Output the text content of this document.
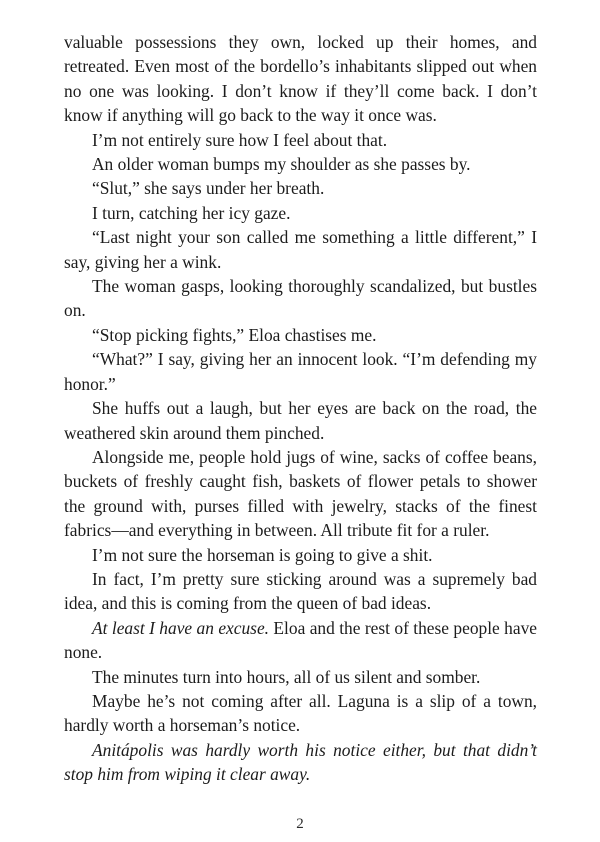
valuable possessions they own, locked up their homes, and retreated. Even most of the bordello’s inhabitants slipped out when no one was looking. I don’t know if they’ll come back. I don’t know if anything will go back to the way it once was.

I’m not entirely sure how I feel about that.

An older woman bumps my shoulder as she passes by.

“Slut,” she says under her breath.

I turn, catching her icy gaze.

“Last night your son called me something a little different,” I say, giving her a wink.

The woman gasps, looking thoroughly scandalized, but bustles on.

“Stop picking fights,” Eloa chastises me.

“What?” I say, giving her an innocent look. “I’m defending my honor.”

She huffs out a laugh, but her eyes are back on the road, the weathered skin around them pinched.

Alongside me, people hold jugs of wine, sacks of coffee beans, buckets of freshly caught fish, baskets of flower petals to shower the ground with, purses filled with jewelry, stacks of the finest fabrics—and everything in between. All tribute fit for a ruler.

I’m not sure the horseman is going to give a shit.

In fact, I’m pretty sure sticking around was a supremely bad idea, and this is coming from the queen of bad ideas.

At least I have an excuse. Eloa and the rest of these people have none.

The minutes turn into hours, all of us silent and somber.

Maybe he’s not coming after all. Laguna is a slip of a town, hardly worth a horseman’s notice.

Anitápolis was hardly worth his notice either, but that didn’t stop him from wiping it clear away.

2
